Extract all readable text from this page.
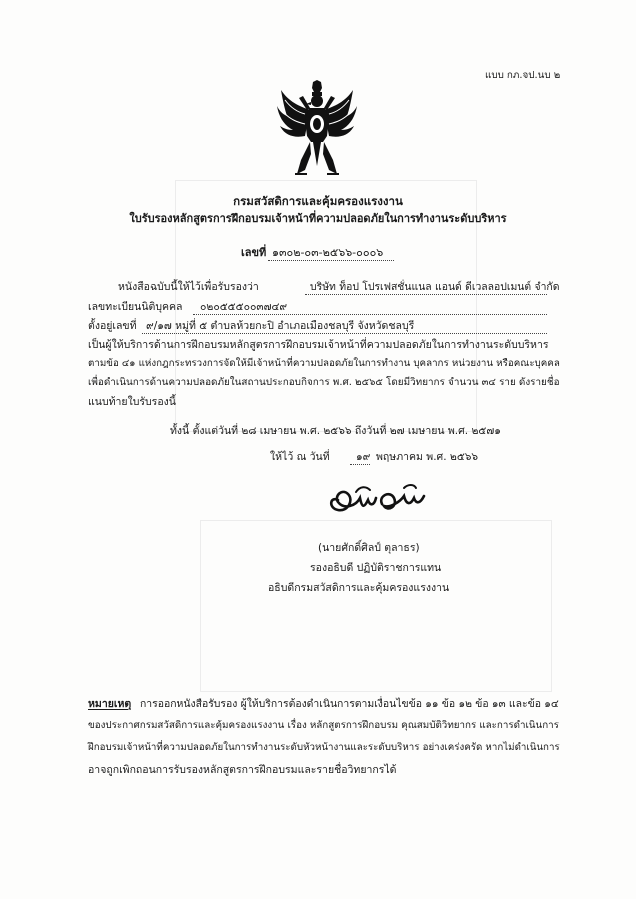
แบบ กภ.จป.นบ ๒
กรมสวัสดิการและคุ้มครองแรงงาน
ใบรับรองหลักสูตรการฝึกอบรมเจ้าหน้าที่ความปลอดภัยในการทำงานระดับบริหาร
เลขที่ ๑๓๐๒-๐๓-๒๕๖๖-๐๐๐๖
หนังสือฉบับนี้ให้ไว้เพื่อรับรองว่า	บริษัท ท็อป โปรเฟสชั่นแนล แอนด์ ดีเวลลอปเมนต์ จำกัด
เลขทะเบียนนิติบุคคล ๐๒๐๕๕๕๐๐๓๗๔๙
ตั้งอยู่เลขที่ ๙/๑๗ หมู่ที่ ๕ ตำบลห้วยกะปิ อำเภอเมืองชลบุรี จังหวัดชลบุรี
เป็นผู้ให้บริการด้านการฝึกอบรมหลักสูตรการฝึกอบรมเจ้าหน้าที่ความปลอดภัยในการทำงานระดับบริหาร
ตามข้อ ๔๑ แห่งกฎกระทรวงการจัดให้มีเจ้าหน้าที่ความปลอดภัยในการทำงาน บุคลากร หน่วยงาน หรือคณะบุคคล
เพื่อดำเนินการด้านความปลอดภัยในสถานประกอบกิจการ พ.ศ. ๒๕๖๕ โดยมีวิทยากร จำนวน ๓๔ ราย ดังรายชื่อ
แนบท้ายใบรับรองนี้
ทั้งนี้ ตั้งแต่วันที่ ๒๘ เมษายน พ.ศ. ๒๕๖๖ ถึงวันที่ ๒๗ เมษายน พ.ศ. ๒๕๗๑
ให้ไว้ ณ วันที่	๑๙ พฤษภาคม พ.ศ. ๒๕๖๖
(นายศักดิ์ศิลป์ ตุลาธร)
รองอธิบดี ปฏิบัติราชการแทน
อธิบดีกรมสวัสดิการและคุ้มครองแรงงาน
หมายเหตุ การออกหนังสือรับรอง ผู้ให้บริการต้องดำเนินการตามเงื่อนไขข้อ ๑๑ ข้อ ๑๒ ข้อ ๑๓ และข้อ ๑๔
ของประกาศกรมสวัสดิการและคุ้มครองแรงงาน เรื่อง หลักสูตรการฝึกอบรม คุณสมบัติวิทยากร และการดำเนินการ
ฝึกอบรมเจ้าหน้าที่ความปลอดภัยในการทำงานระดับหัวหน้างานและระดับบริหาร อย่างเคร่งครัด หากไม่ดำเนินการ
อาจถูกเพิกถอนการรับรองหลักสูตรการฝึกอบรมและรายชื่อวิทยากรได้
